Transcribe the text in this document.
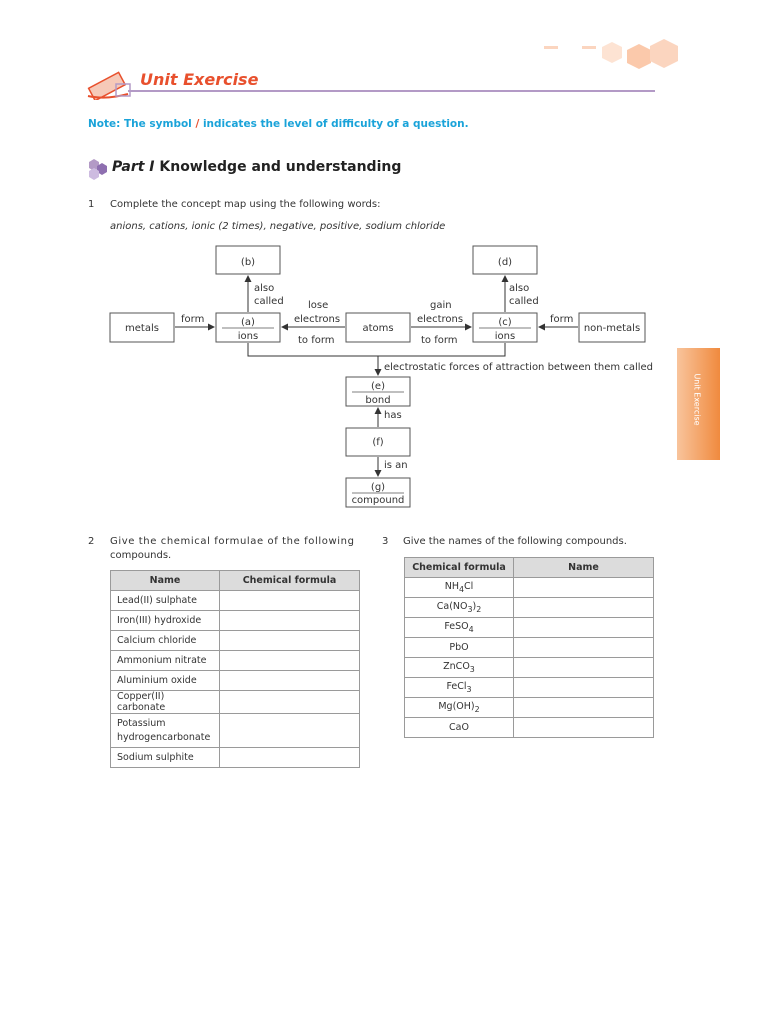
Unit Exercise
Note: The symbol / indicates the level of difficulty of a question.
Part I Knowledge and understanding
1 Complete the concept map using the following words:
anions, cations, ionic (2 times), negative, positive, sodium chloride
(b)	(d)
metals
(a)
ions
atoms
(c)
ions
non-metals
(e)
bond
(f)
(g)
compound
also
called
also
called
form
lose
electrons
to form
gain
electrons
to form
form
electrostatic forces of attraction between them called
has
is an
2 Give the chemical formulae of the following
compounds.
Name	Chemical formula
Lead(II) sulphate	
Iron(III) hydroxide	
Calcium chloride	
Ammonium nitrate	
Aluminium oxide	
Copper(II) carbonate	
Potassium
hydrogencarbonate	
Sodium sulphite	
3 Give the names of the following compounds.
Chemical formula	Name
$NH_4Cl$	
$Ca(NO_3)_2$	
FeSO$_4$	
PbO	
ZnCO$_3$	
FeCl$_3$	
$Mg(OH)_2$	
CaO	
Unit Exercise
